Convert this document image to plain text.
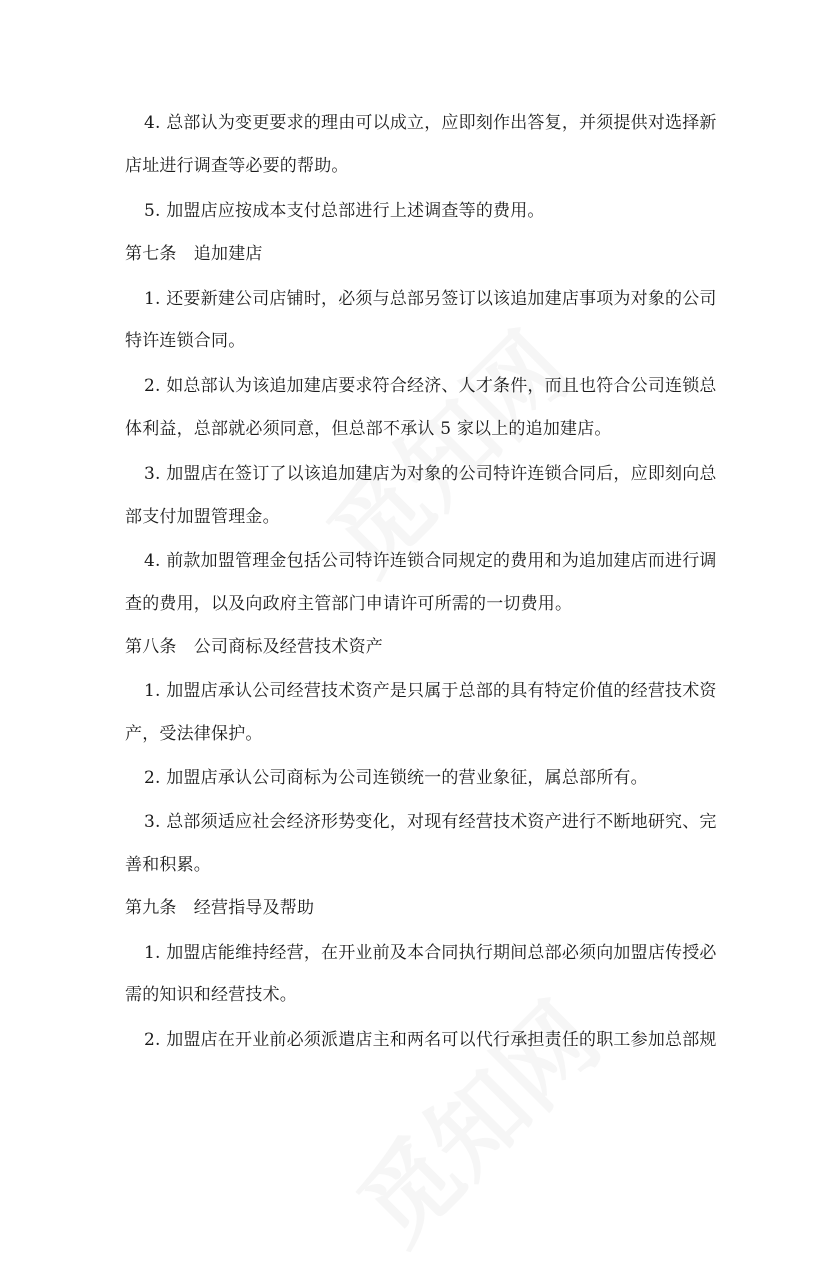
4. 总部认为变更要求的理由可以成立，应即刻作出答复，并须提供对选择新
店址进行调查等必要的帮助。
5. 加盟店应按成本支付总部进行上述调查等的费用。
第七条　追加建店
1. 还要新建公司店铺时，必须与总部另签订以该追加建店事项为对象的公司
特许连锁合同。
2. 如总部认为该追加建店要求符合经济、人才条件，而且也符合公司连锁总
体利益，总部就必须同意，但总部不承认 5 家以上的追加建店。
3. 加盟店在签订了以该追加建店为对象的公司特许连锁合同后，应即刻向总
部支付加盟管理金。
4. 前款加盟管理金包括公司特许连锁合同规定的费用和为追加建店而进行调
查的费用，以及向政府主管部门申请许可所需的一切费用。
第八条　公司商标及经营技术资产
1. 加盟店承认公司经营技术资产是只属于总部的具有特定价值的经营技术资
产，受法律保护。
2. 加盟店承认公司商标为公司连锁统一的营业象征，属总部所有。
3. 总部须适应社会经济形势变化，对现有经营技术资产进行不断地研究、完
善和积累。
第九条　经营指导及帮助
1. 加盟店能维持经营，在开业前及本合同执行期间总部必须向加盟店传授必
需的知识和经营技术。
2. 加盟店在开业前必须派遣店主和两名可以代行承担责任的职工参加总部规
